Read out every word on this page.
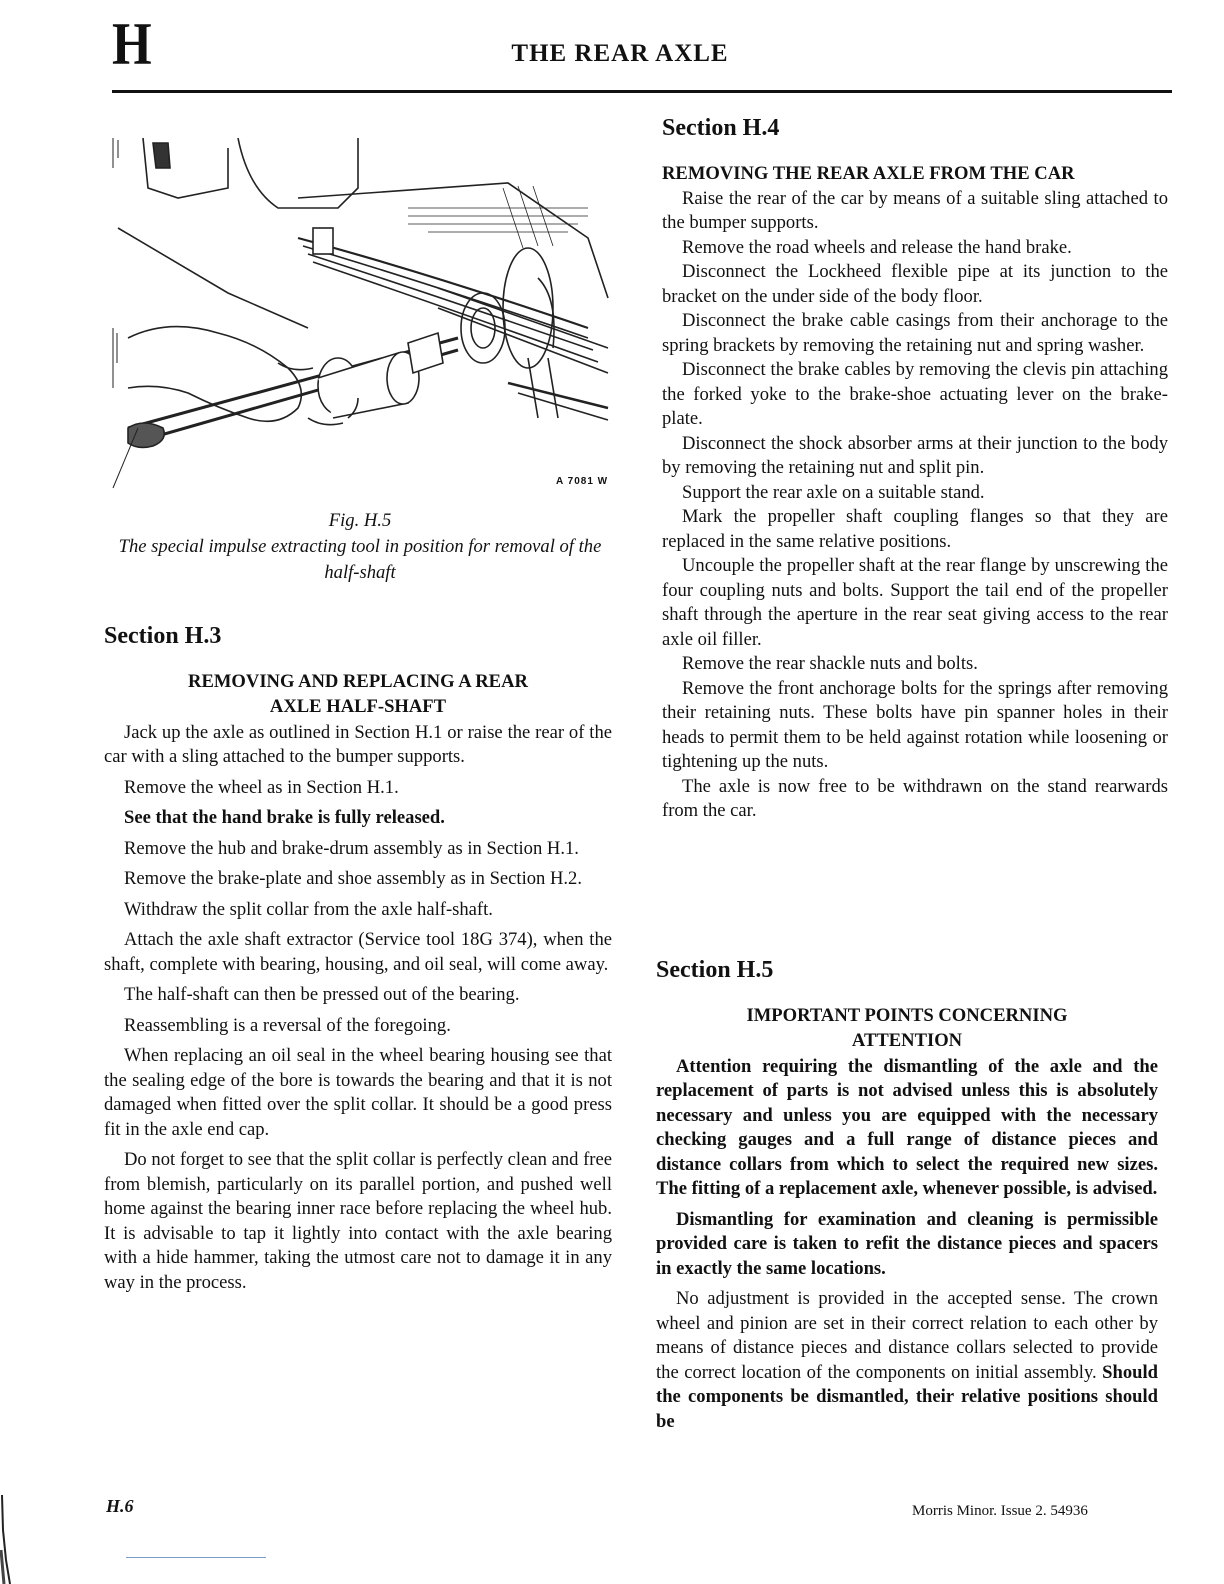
H	THE REAR AXLE
A 7081 W
Fig. H.5
The special impulse extracting tool in position for removal of the half-shaft
Section H.3
REMOVING AND REPLACING A REAR
AXLE HALF-SHAFT

Jack up the axle as outlined in Section H.1 or raise the rear of the car with a sling attached to the bumper supports.

Remove the wheel as in Section H.1.

See that the hand brake is fully released.

Remove the hub and brake-drum assembly as in Section H.1.

Remove the brake-plate and shoe assembly as in Section H.2.

Withdraw the split collar from the axle half-shaft.

Attach the axle shaft extractor (Service tool 18G 374), when the shaft, complete with bearing, housing, and oil seal, will come away.

The half-shaft can then be pressed out of the bearing.

Reassembling is a reversal of the foregoing.

When replacing an oil seal in the wheel bearing housing see that the sealing edge of the bore is towards the bearing and that it is not damaged when fitted over the split collar. It should be a good press fit in the axle end cap.

Do not forget to see that the split collar is perfectly clean and free from blemish, particularly on its parallel portion, and pushed well home against the bearing inner race before replacing the wheel hub. It is advisable to tap it lightly into contact with the axle bearing with a hide hammer, taking the utmost care not to damage it in any way in the process.

Section H.4
REMOVING THE REAR AXLE FROM THE CAR

Raise the rear of the car by means of a suitable sling attached to the bumper supports.

Remove the road wheels and release the hand brake.

Disconnect the Lockheed flexible pipe at its junction to the bracket on the under side of the body floor.

Disconnect the brake cable casings from their anchorage to the spring brackets by removing the retaining nut and spring washer.

Disconnect the brake cables by removing the clevis pin attaching the forked yoke to the brake-shoe actuating lever on the brake-plate.

Disconnect the shock absorber arms at their junction to the body by removing the retaining nut and split pin.

Support the rear axle on a suitable stand.

Mark the propeller shaft coupling flanges so that they are replaced in the same relative positions.

Uncouple the propeller shaft at the rear flange by unscrewing the four coupling nuts and bolts. Support the tail end of the propeller shaft through the aperture in the rear seat giving access to the rear axle oil filler.

Remove the rear shackle nuts and bolts.

Remove the front anchorage bolts for the springs after removing their retaining nuts. These bolts have pin spanner holes in their heads to permit them to be held against rotation while loosening or tightening up the nuts.

The axle is now free to be withdrawn on the stand rearwards from the car.

Section H.5
IMPORTANT POINTS CONCERNING
ATTENTION

Attention requiring the dismantling of the axle and the replacement of parts is not advised unless this is absolutely necessary and unless you are equipped with the necessary checking gauges and a full range of distance pieces and distance collars from which to select the required new sizes. The fitting of a replacement axle, whenever possible, is advised.

Dismantling for examination and cleaning is permissible provided care is taken to refit the distance pieces and spacers in exactly the same locations.

No adjustment is provided in the accepted sense. The crown wheel and pinion are set in their correct relation to each other by means of distance pieces and distance collars selected to provide the correct location of the components on initial assembly. Should the components be dismantled, their relative positions should be

H.6	Morris Minor. Issue 2. 54936
